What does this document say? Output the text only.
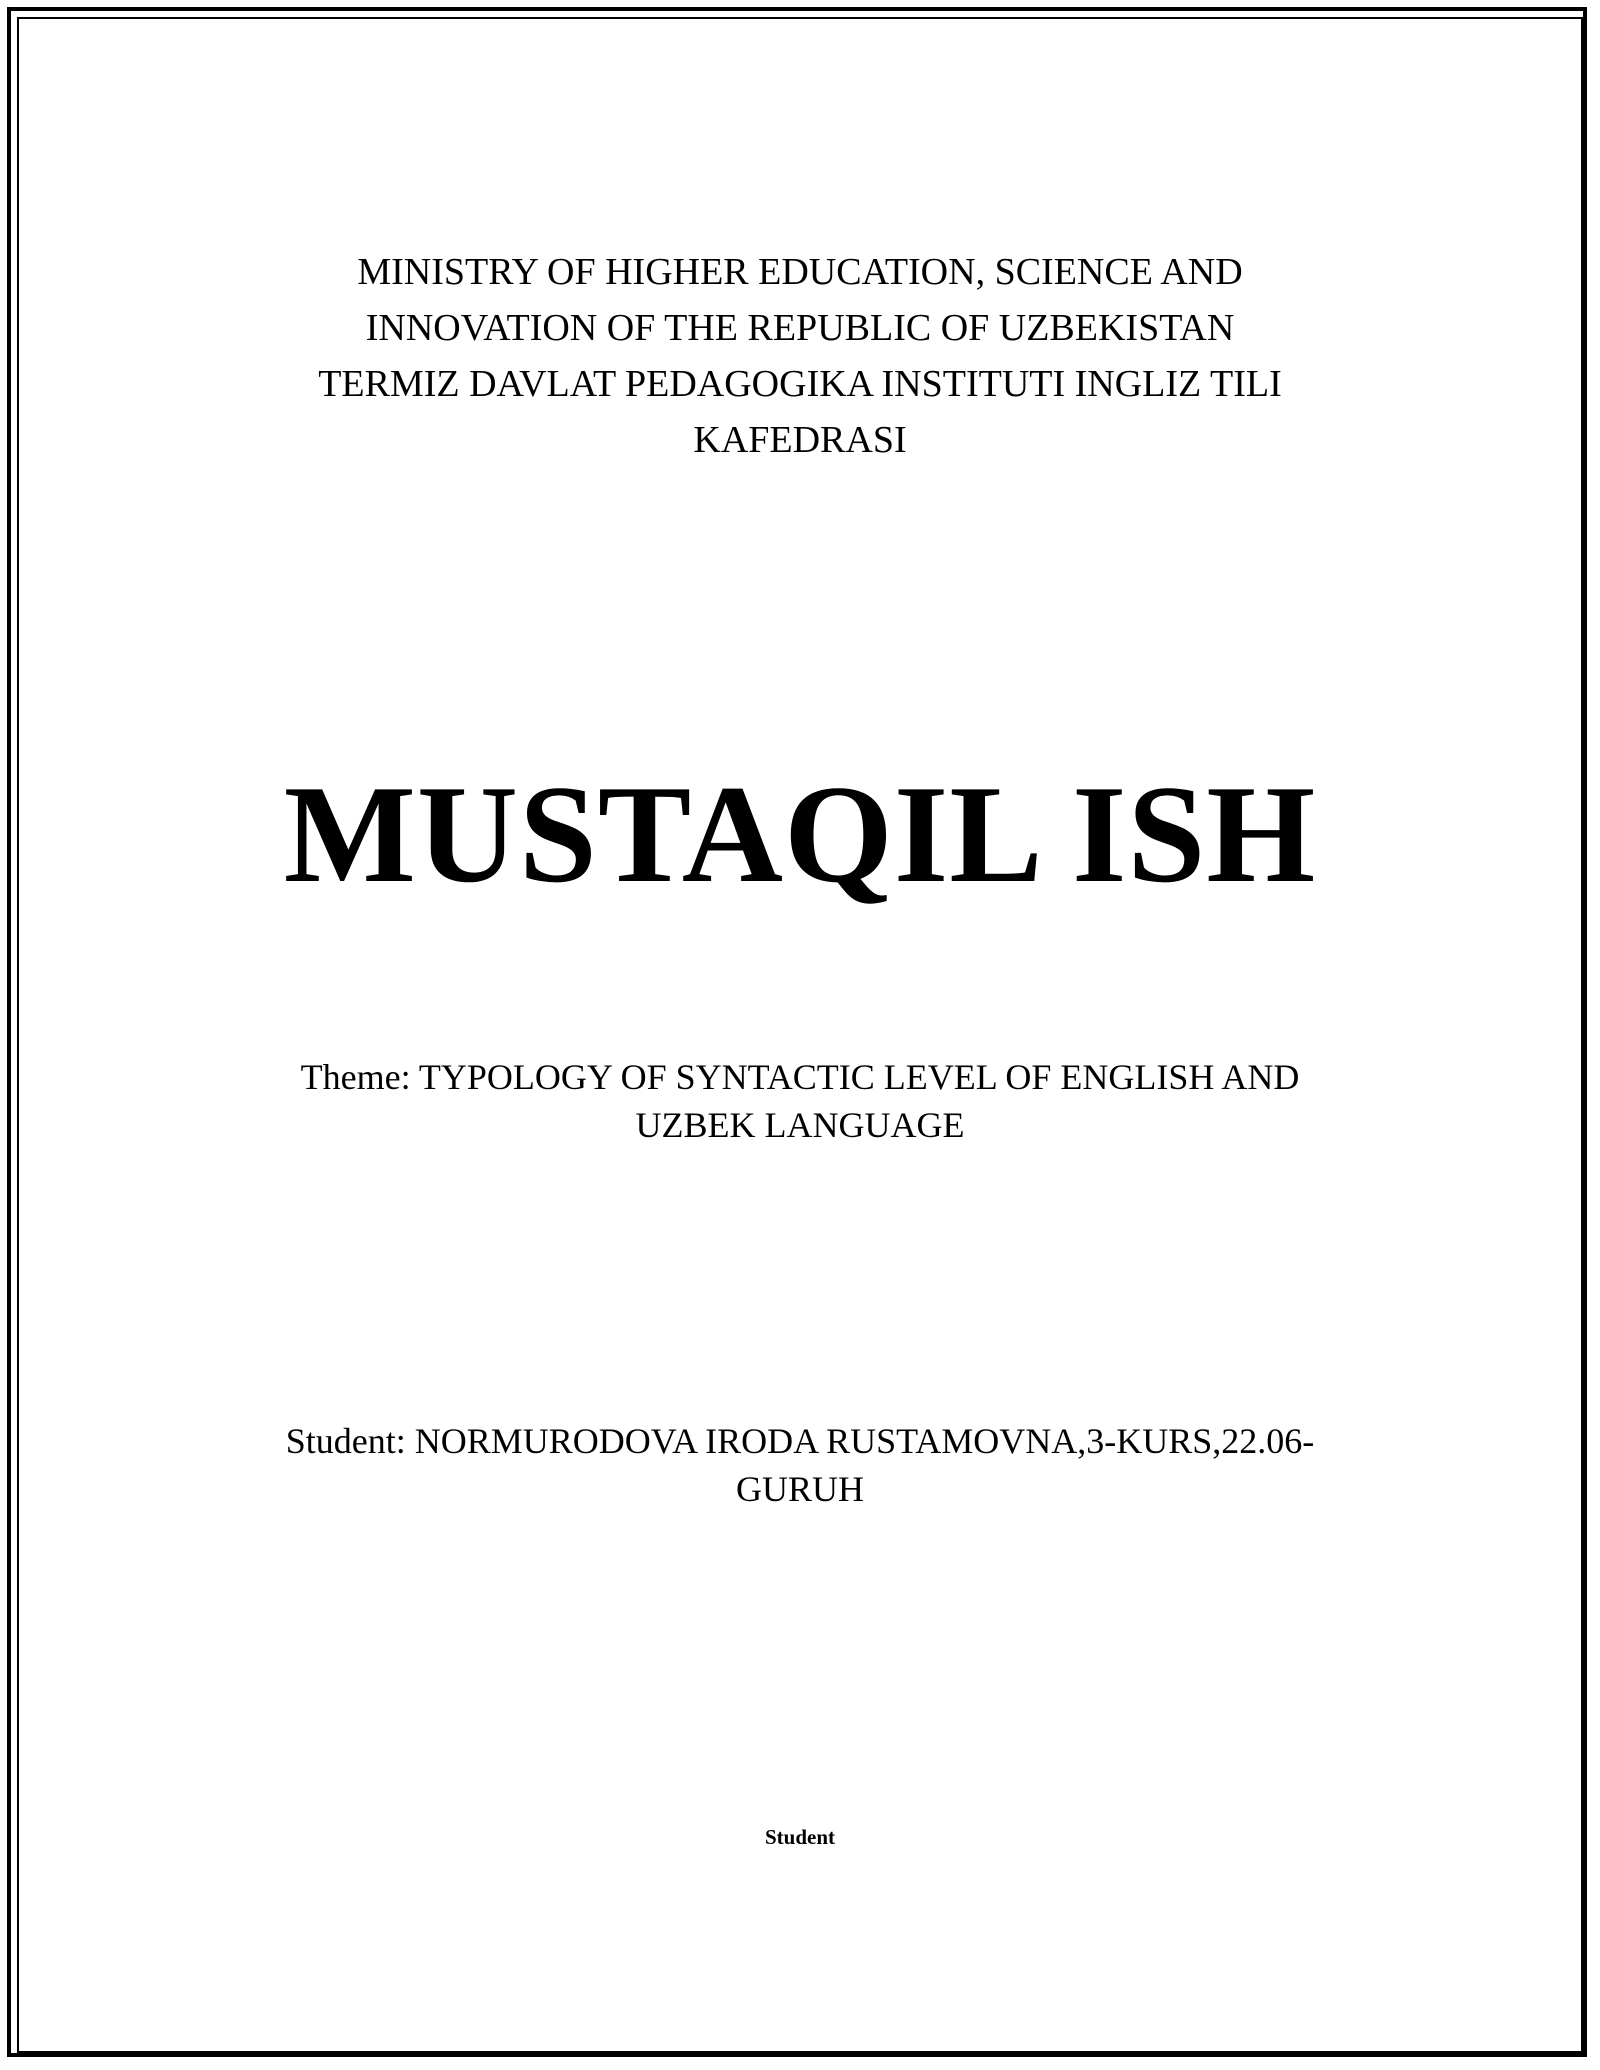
MINISTRY OF HIGHER EDUCATION, SCIENCE AND
INNOVATION OF THE REPUBLIC OF UZBEKISTAN
TERMIZ DAVLAT PEDAGOGIKA INSTITUTI INGLIZ TILI
KAFEDRASI
MUSTAQIL ISH
Theme: TYPOLOGY OF SYNTACTIC LEVEL OF ENGLISH AND
UZBEK LANGUAGE
Student: NORMURODOVA IRODA RUSTAMOVNA,3-KURS,22.06-
GURUH
Student
